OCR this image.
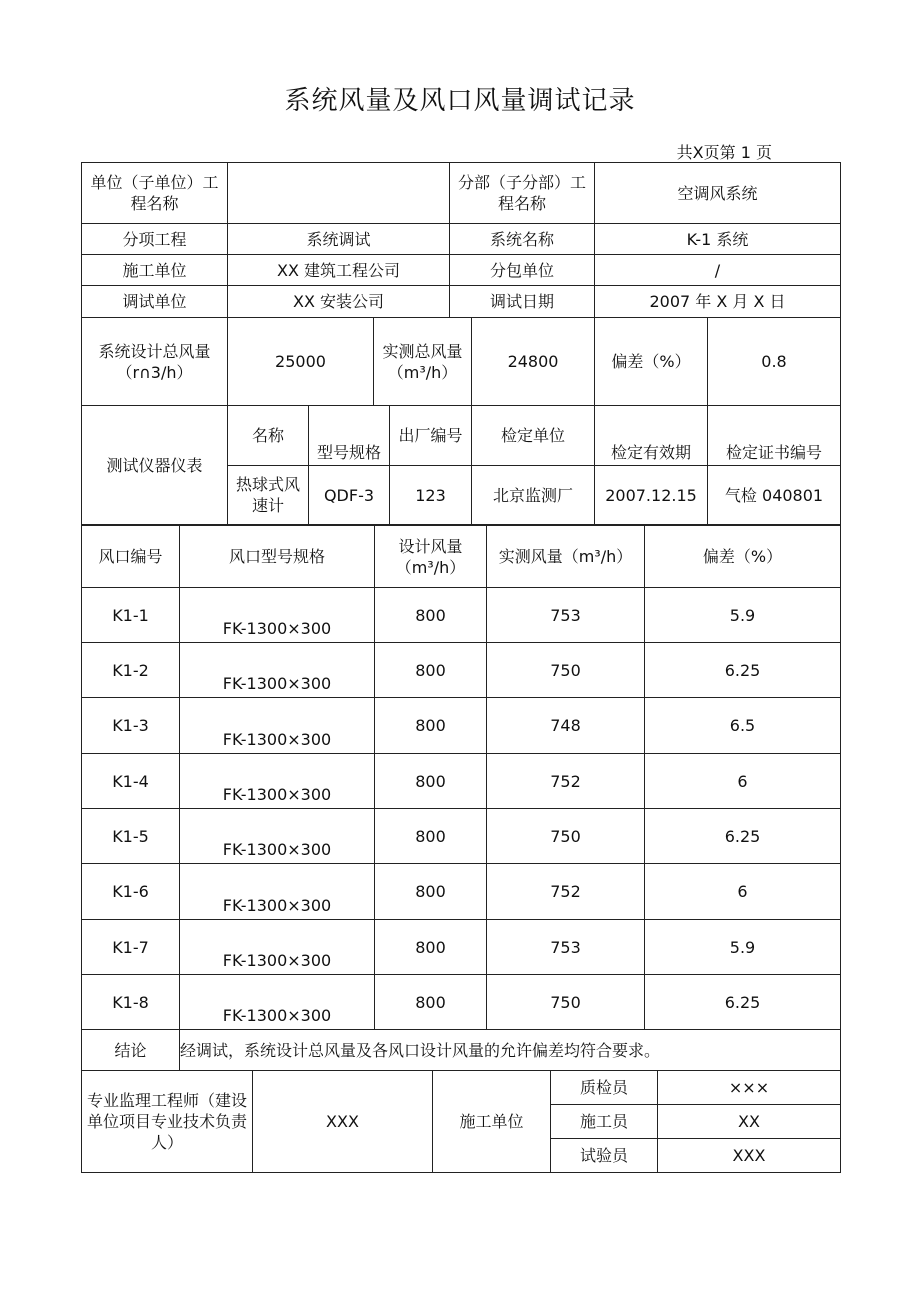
系统风量及风口风量调试记录
共Ⅹ页第 1 页
单位（子单位）工程名称		分部（子分部）工程名称	空调风系统
分项工程	系统调试	系统名称	K-1 系统
施工单位	XX 建筑工程公司	分包单位	/
调试单位	XX 安装公司	调试日期	2007 年 X 月 X 日
系统设计总风量（r∩3/h）	25000		实测总风量（m³/h）		24800	偏差（%）	0.8
测试仪器仪表	名称	型号规格		出厂编号	检定单位	检定有效期	检定证书编号
	热球式风速计	QDF-3		123	北京监测厂	2007.12.15	气检 040801
风口编号	风口型号规格	设计风量（m³/h）	实测风量（m³/h）	偏差（%）
K1-1	FK-1300×300	800	753	5.9
K1-2	FK-1300×300	800	750	6.25
K1-3	FK-1300×300	800	748	6.5
K1-4	FK-1300×300	800	752	6
K1-5	FK-1300×300	800	750	6.25
K1-6	FK-1300×300	800	752	6
K1-7	FK-1300×300	800	753	5.9
K1-8	FK-1300×300	800	750	6.25
结论	经调试，系统设计总风量及各风口设计风量的允许偏差均符合要求。
专业监理工程师（建设单位项目专业技术负责人）	XXX	施工单位	质检员	×××
			施工员	XX
			试验员	XXX
